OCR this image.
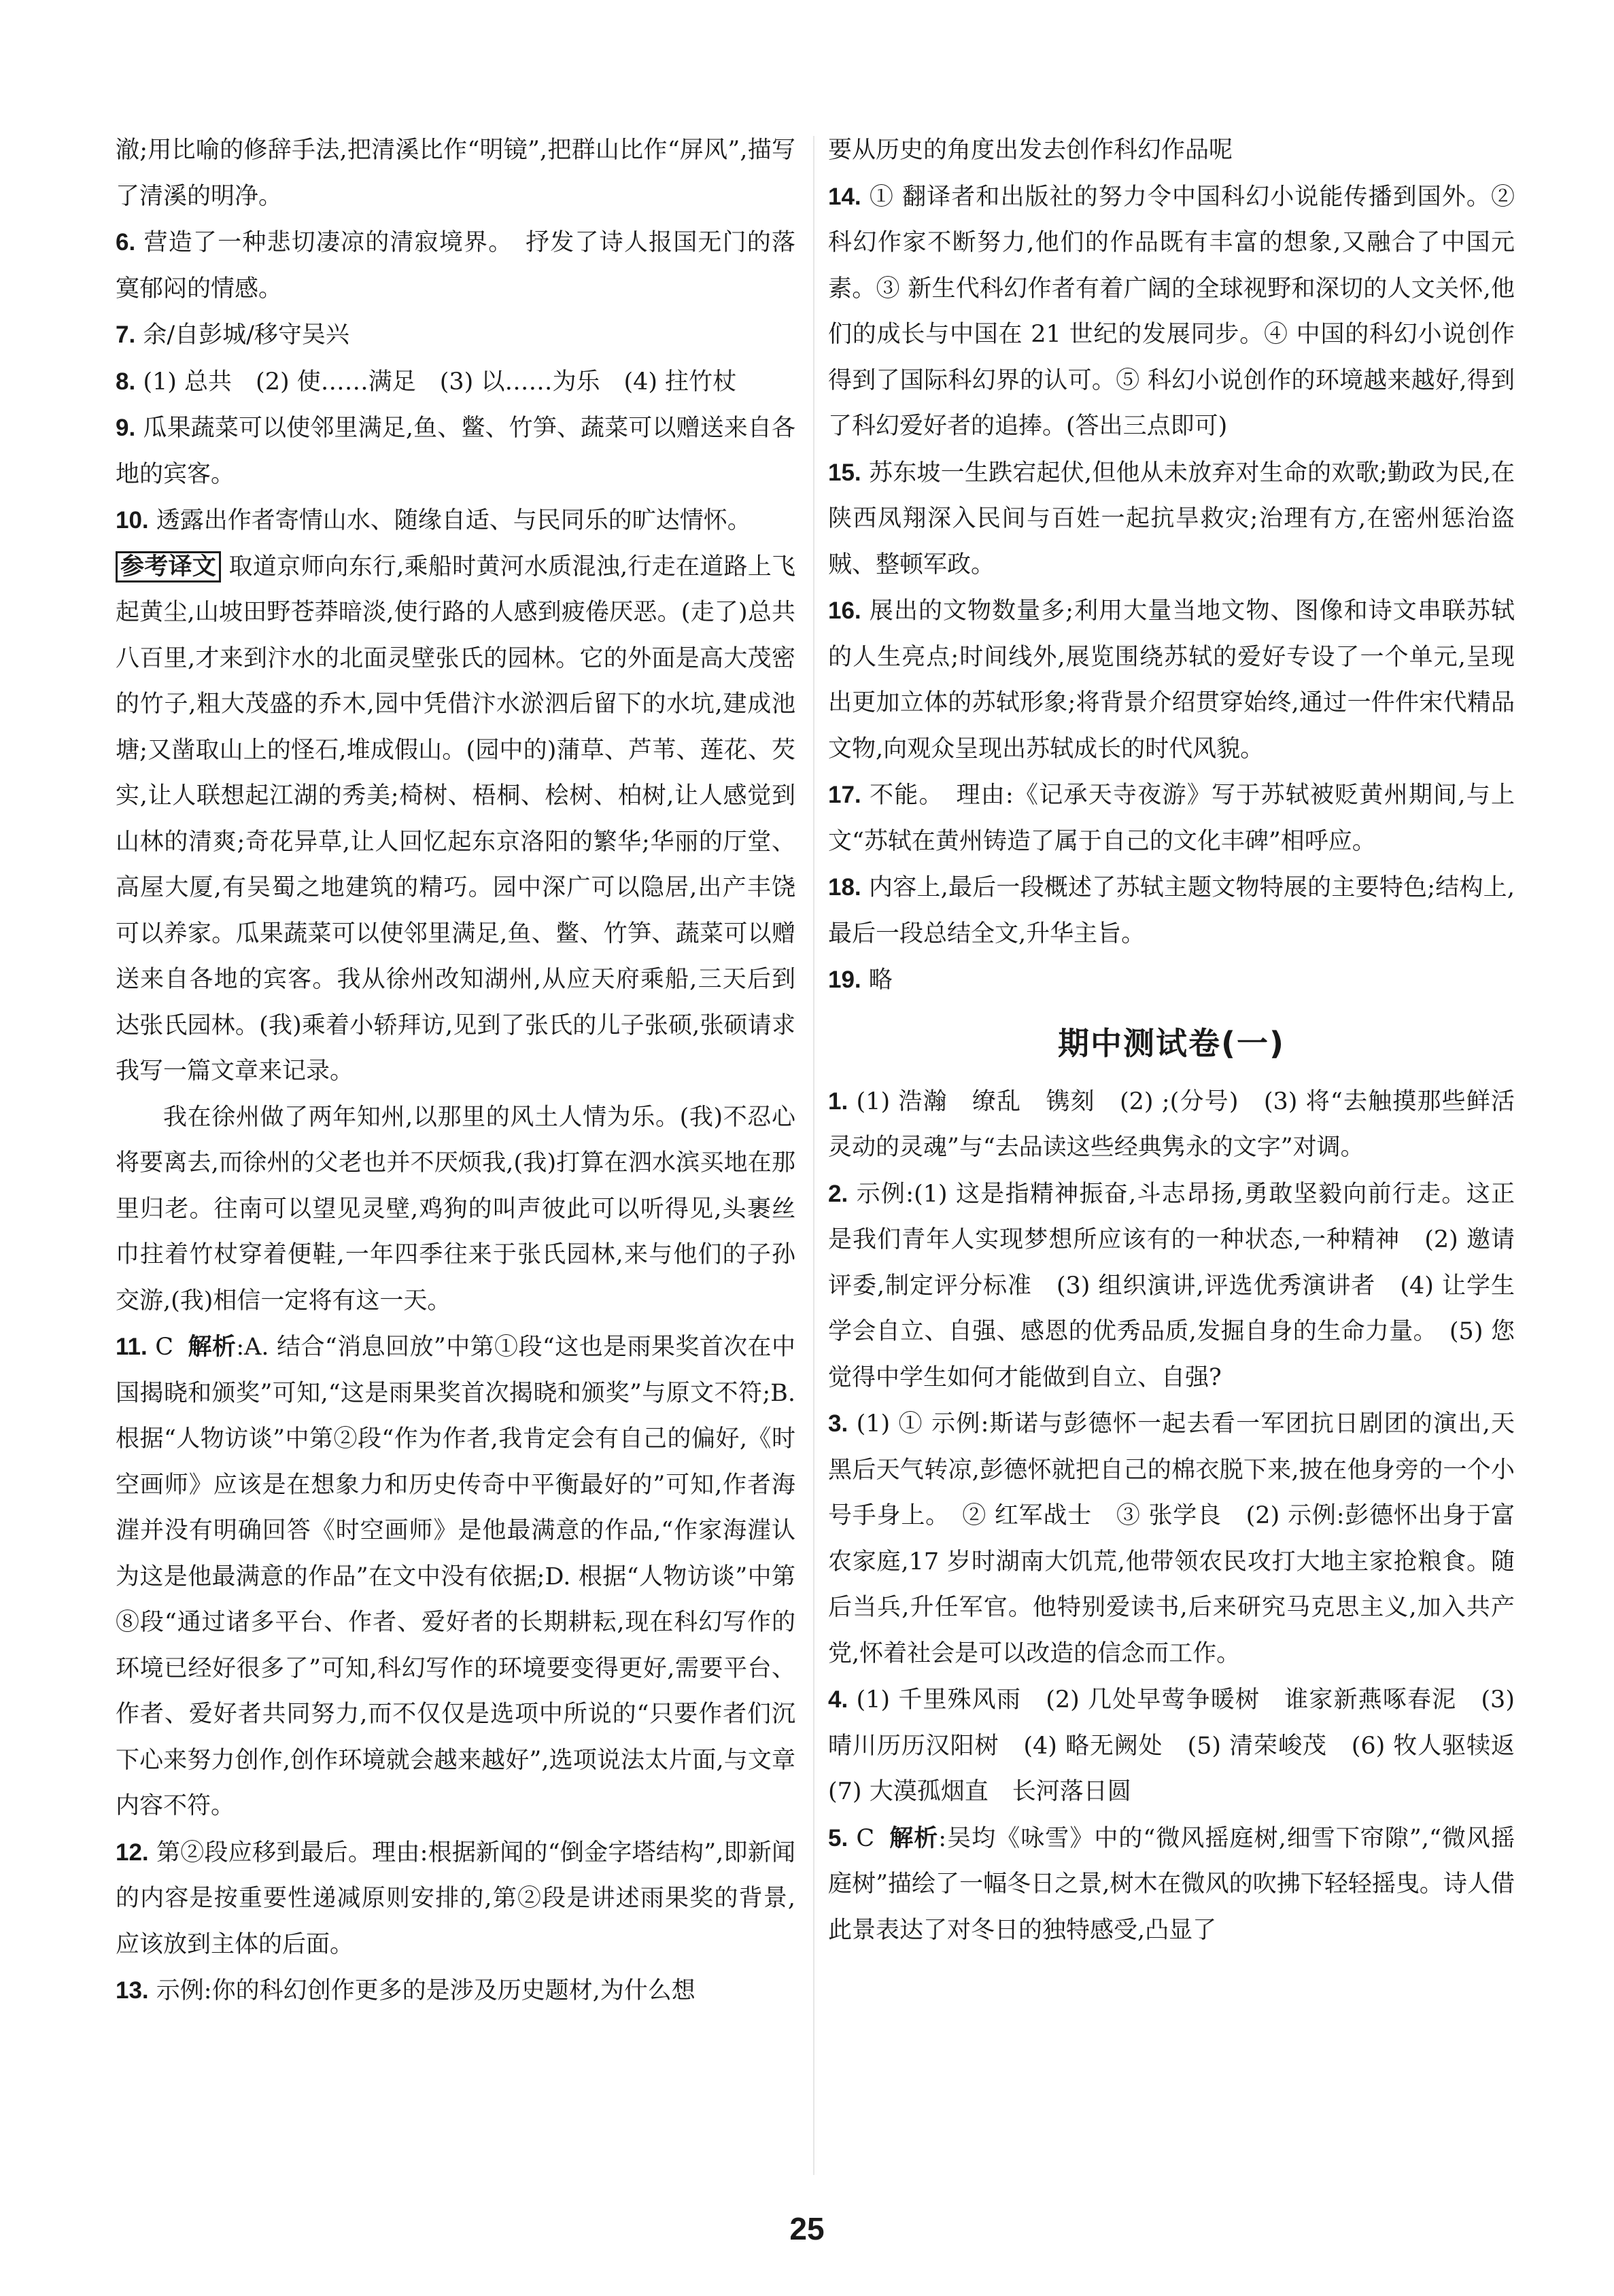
澈;用比喻的修辞手法,把清溪比作“明镜”,把群山比作“屏风”,描写了清溪的明净。

6. 营造了一种悲切凄凉的清寂境界。　抒发了诗人报国无门的落寞郁闷的情感。

7. 余/自彭城/移守吴兴

8. (1) 总共　(2) 使……满足　(3) 以……为乐　(4) 拄竹杖

9. 瓜果蔬菜可以使邻里满足,鱼、鳖、竹笋、蔬菜可以赠送来自各地的宾客。

10. 透露出作者寄情山水、随缘自适、与民同乐的旷达情怀。

参考译文 取道京师向东行,乘船时黄河水质混浊,行走在道路上飞起黄尘,山坡田野苍莽暗淡,使行路的人感到疲倦厌恶。(走了)总共八百里,才来到汴水的北面灵壁张氏的园林。它的外面是高大茂密的竹子,粗大茂盛的乔木,园中凭借汴水淤泗后留下的水坑,建成池塘;又凿取山上的怪石,堆成假山。(园中的)蒲草、芦苇、莲花、芡实,让人联想起江湖的秀美;椅树、梧桐、桧树、柏树,让人感觉到山林的清爽;奇花异草,让人回忆起东京洛阳的繁华;华丽的厅堂、高屋大厦,有吴蜀之地建筑的精巧。园中深广可以隐居,出产丰饶可以养家。瓜果蔬菜可以使邻里满足,鱼、鳖、竹笋、蔬菜可以赠送来自各地的宾客。我从徐州改知湖州,从应天府乘船,三天后到达张氏园林。(我)乘着小轿拜访,见到了张氏的儿子张硕,张硕请求我写一篇文章来记录。

我在徐州做了两年知州,以那里的风土人情为乐。(我)不忍心将要离去,而徐州的父老也并不厌烦我,(我)打算在泗水滨买地在那里归老。往南可以望见灵壁,鸡狗的叫声彼此可以听得见,头裹丝巾拄着竹杖穿着便鞋,一年四季往来于张氏园林,来与他们的子孙交游,(我)相信一定将有这一天。

11. C 解析:A. 结合“消息回放”中第①段“这也是雨果奖首次在中国揭晓和颁奖”可知,“这是雨果奖首次揭晓和颁奖”与原文不符;B. 根据“人物访谈”中第②段“作为作者,我肯定会有自己的偏好,《时空画师》应该是在想象力和历史传奇中平衡最好的”可知,作者海漄并没有明确回答《时空画师》是他最满意的作品,“作家海漄认为这是他最满意的作品”在文中没有依据;D. 根据“人物访谈”中第⑧段“通过诸多平台、作者、爱好者的长期耕耘,现在科幻写作的环境已经好很多了”可知,科幻写作的环境要变得更好,需要平台、作者、爱好者共同努力,而不仅仅是选项中所说的“只要作者们沉下心来努力创作,创作环境就会越来越好”,选项说法太片面,与文章内容不符。

12. 第②段应移到最后。理由:根据新闻的“倒金字塔结构”,即新闻的内容是按重要性递减原则安排的,第②段是讲述雨果奖的背景,应该放到主体的后面。

13. 示例:你的科幻创作更多的是涉及历史题材,为什么想

要从历史的角度出发去创作科幻作品呢

14. ① 翻译者和出版社的努力令中国科幻小说能传播到国外。② 科幻作家不断努力,他们的作品既有丰富的想象,又融合了中国元素。③ 新生代科幻作者有着广阔的全球视野和深切的人文关怀,他们的成长与中国在 21 世纪的发展同步。④ 中国的科幻小说创作得到了国际科幻界的认可。⑤ 科幻小说创作的环境越来越好,得到了科幻爱好者的追捧。(答出三点即可)

15. 苏东坡一生跌宕起伏,但他从未放弃对生命的欢歌;勤政为民,在陕西凤翔深入民间与百姓一起抗旱救灾;治理有方,在密州惩治盗贼、整顿军政。

16. 展出的文物数量多;利用大量当地文物、图像和诗文串联苏轼的人生亮点;时间线外,展览围绕苏轼的爱好专设了一个单元,呈现出更加立体的苏轼形象;将背景介绍贯穿始终,通过一件件宋代精品文物,向观众呈现出苏轼成长的时代风貌。

17. 不能。　理由:《记承天寺夜游》写于苏轼被贬黄州期间,与上文“苏轼在黄州铸造了属于自己的文化丰碑”相呼应。

18. 内容上,最后一段概述了苏轼主题文物特展的主要特色;结构上,最后一段总结全文,升华主旨。

19. 略

期中测试卷(一)

1. (1) 浩瀚　缭乱　镌刻　(2) ;(分号)　(3) 将“去触摸那些鲜活灵动的灵魂”与“去品读这些经典隽永的文字”对调。

2. 示例:(1) 这是指精神振奋,斗志昂扬,勇敢坚毅向前行走。这正是我们青年人实现梦想所应该有的一种状态,一种精神　(2) 邀请评委,制定评分标准　(3) 组织演讲,评选优秀演讲者　(4) 让学生学会自立、自强、感恩的优秀品质,发掘自身的生命力量。　(5) 您觉得中学生如何才能做到自立、自强?

3. (1) ① 示例:斯诺与彭德怀一起去看一军团抗日剧团的演出,天黑后天气转凉,彭德怀就把自己的棉衣脱下来,披在他身旁的一个小号手身上。　② 红军战士　③ 张学良　(2) 示例:彭德怀出身于富农家庭,17 岁时湖南大饥荒,他带领农民攻打大地主家抢粮食。随后当兵,升任军官。他特别爱读书,后来研究马克思主义,加入共产党,怀着社会是可以改造的信念而工作。

4. (1) 千里殊风雨　(2) 几处早莺争暖树　谁家新燕啄春泥　(3) 晴川历历汉阳树　(4) 略无阙处　(5) 清荣峻茂　(6) 牧人驱犊返　(7) 大漠孤烟直　长河落日圆

5. C 解析:吴均《咏雪》中的“微风摇庭树,细雪下帘隙”,“微风摇庭树”描绘了一幅冬日之景,树木在微风的吹拂下轻轻摇曳。诗人借此景表达了对冬日的独特感受,凸显了

25
